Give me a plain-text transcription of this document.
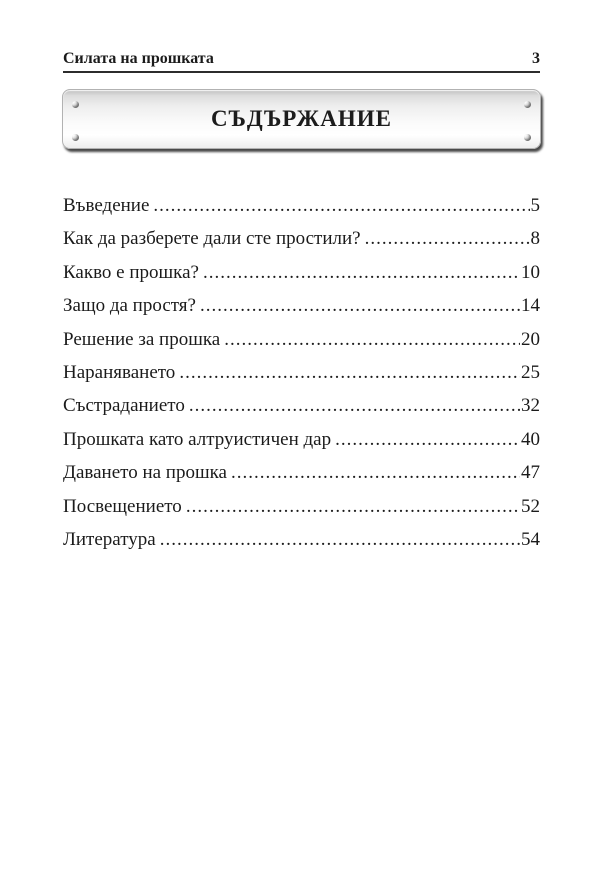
Силата на прошката	3
СЪДЪРЖАНИЕ
Въведение .....	5
Как да разберете дали сте простили? .....	8
Какво е прошка? .....	10
Защо да простя? .....	14
Решение за прошка .....	20
Нараняването .....	25
Състраданието .....	32
Прошката като алтруистичен дар .....	40
Даването на прошка .....	47
Посвещението .....	52
Литература .....	54
